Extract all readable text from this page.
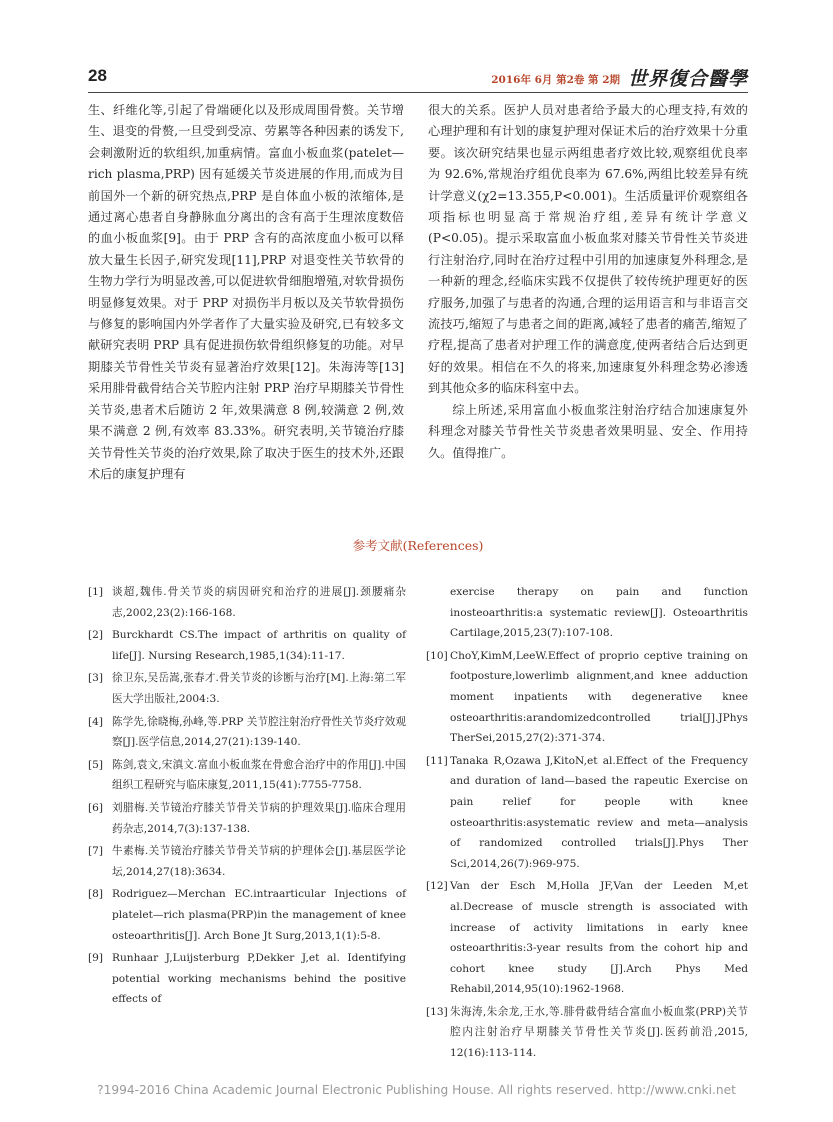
28	2016年 6月 第2卷 第 2期 世界復合醫學

生、纤维化等,引起了骨端硬化以及形成周围骨赘。关节增生、退变的骨赘,一旦受到受凉、劳累等各种因素的诱发下,会刺激附近的软组织,加重病情。富血小板血浆(patelet—rich plasma,PRP) 因有延缓关节炎进展的作用,而成为目前国外一个新的研究热点,PRP 是自体血小板的浓缩体,是通过离心患者自身静脉血分离出的含有高于生理浓度数倍的血小板血浆[9]。由于 PRP 含有的高浓度血小板可以释放大量生长因子,研究发现[11],PRP 对退变性关节软骨的生物力学行为明显改善,可以促进软骨细胞增殖,对软骨损伤明显修复效果。对于 PRP 对损伤半月板以及关节软骨损伤与修复的影响国内外学者作了大量实验及研究,已有较多文献研究表明 PRP 具有促进损伤软骨组织修复的功能。对早期膝关节骨性关节炎有显著治疗效果[12]。朱海涛等[13]采用腓骨截骨结合关节腔内注射 PRP 治疗早期膝关节骨性关节炎,患者术后随访 2 年,效果满意 8 例,较满意 2 例,效果不满意 2 例,有效率 83.33%。研究表明,关节镜治疗膝关节骨性关节炎的治疗效果,除了取决于医生的技术外,还跟术后的康复护理有

很大的关系。医护人员对患者给予最大的心理支持,有效的心理护理和有计划的康复护理对保证术后的治疗效果十分重要。该次研究结果也显示两组患者疗效比较,观察组优良率为 92.6%,常规治疗组优良率为 67.6%,两组比较差异有统计学意义(χ2=13.355,P<0.001)。生活质量评价观察组各项指标也明显高于常规治疗组,差异有统计学意义(P<0.05)。提示采取富血小板血浆对膝关节骨性关节炎进行注射治疗,同时在治疗过程中引用的加速康复外科理念,是一种新的理念,经临床实践不仅提供了较传统护理更好的医疗服务,加强了与患者的沟通,合理的运用语言和与非语言交流技巧,缩短了与患者之间的距离,减轻了患者的痛苦,缩短了疗程,提高了患者对护理工作的满意度,使两者结合后达到更好的效果。相信在不久的将来,加速康复外科理念势必渗透到其他众多的临床科室中去。

综上所述,采用富血小板血浆注射治疗结合加速康复外科理念对膝关节骨性关节炎患者效果明显、安全、作用持久。值得推广。

参考文献(References)
[1] 谈超,魏伟.骨关节炎的病因研究和治疗的进展[J].颈腰痛杂志,2002,23(2):166-168.
[2] Burckhardt CS.The impact of arthritis on quality of life[J]. Nursing Research,1985,1(34):11-17.
[3] 徐卫东,吴岳嵩,张春才.骨关节炎的诊断与治疗[M].上海:第二军医大学出版社,2004:3.
[4] 陈学先,徐晓梅,孙峰,等.PRP 关节腔注射治疗骨性关节炎疗效观察[J].医学信息,2014,27(21):139-140.
[5] 陈剑,袁文,宋滇文.富血小板血浆在骨愈合治疗中的作用[J].中国组织工程研究与临床康复,2011,15(41):7755-7758.
[6] 刘腊梅.关节镜治疗膝关节骨关节病的护理效果[J].临床合理用药杂志,2014,7(3):137-138.
[7] 牛素梅.关节镜治疗膝关节骨关节病的护理体会[J].基层医学论坛,2014,27(18):3634.
[8] Rodriguez—Merchan EC.intraarticular Injections of platelet—rich plasma(PRP)in the management of knee osteoarthritis[J]. Arch Bone Jt Surg,2013,1(1):5-8.
[9] Runhaar J,Luijsterburg P,Dekker J,et al. Identifying potential working mechanisms behind the positive effects of
exercise therapy on pain and function inosteoarthritis:a systematic review[J]. Osteoarthritis Cartilage,2015,23(7):107-108.
[10] ChoY,KimM,LeeW.Effect of proprio ceptive training on footposture,lowerlimb alignment,and knee adduction moment inpatients with degenerative knee osteoarthritis:arandomizedcontrolled trial[J].JPhys TherSei,2015,27(2):371-374.
[11] Tanaka R,Ozawa J,KitoN,et al.Effect of the Frequency and duration of land—based the rapeutic Exercise on pain relief for people with knee osteoarthritis:asystematic review and meta—analysis of randomized controlled trials[J].Phys Ther Sci,2014,26(7):969-975.
[12] Van der Esch M,Holla JF,Van der Leeden M,et al.Decrease of muscle strength is associated with increase of activity limitations in early knee osteoarthritis:3-year results from the cohort hip and cohort knee study [J].Arch Phys Med Rehabil,2014,95(10):1962-1968.
[13] 朱海涛,朱余龙,王水,等.腓骨截骨结合富血小板血浆(PRP)关节腔内注射治疗早期膝关节骨性关节炎[J].医药前沿,2015, 12(16):113-114.
?1994-2016 China Academic Journal Electronic Publishing House. All rights reserved. http://www.cnki.net
